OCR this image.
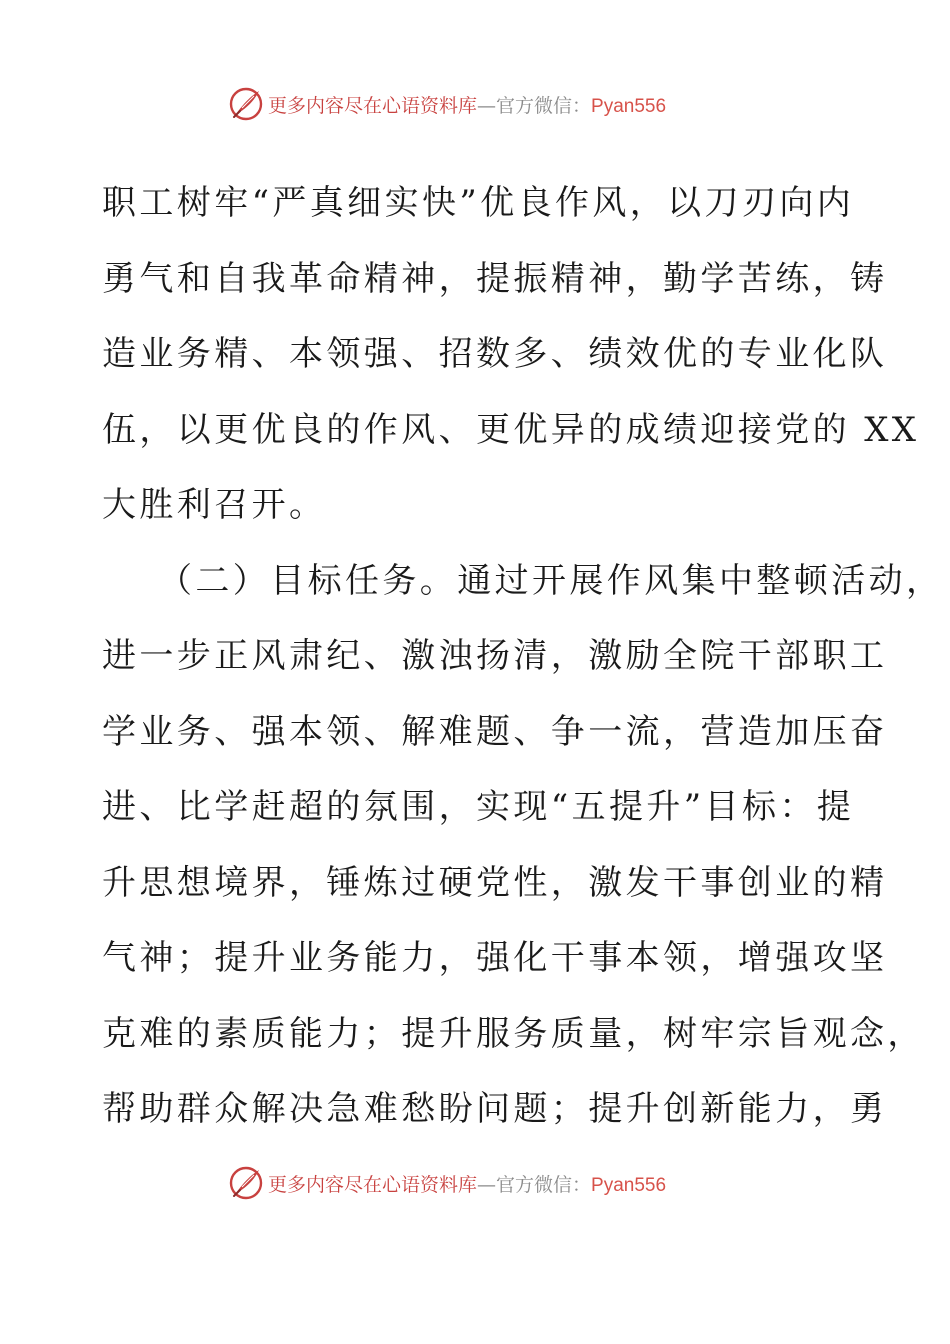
更多内容尽在心语资料库—官方微信：Pyan556
职工树牢“严真细实快”优良作风，以刀刃向内
勇气和自我革命精神，提振精神，勤学苦练，铸
造业务精、本领强、招数多、绩效优的专业化队
伍，以更优良的作风、更优异的成绩迎接党的 XX
大胜利召开。
（二）目标任务。通过开展作风集中整顿活动，
进一步正风肃纪、激浊扬清，激励全院干部职工
学业务、强本领、解难题、争一流，营造加压奋
进、比学赶超的氛围，实现“五提升”目标：提
升思想境界，锤炼过硬党性，激发干事创业的精
气神；提升业务能力，强化干事本领，增强攻坚
克难的素质能力；提升服务质量，树牢宗旨观念，
帮助群众解决急难愁盼问题；提升创新能力，勇
更多内容尽在心语资料库—官方微信：Pyan556
